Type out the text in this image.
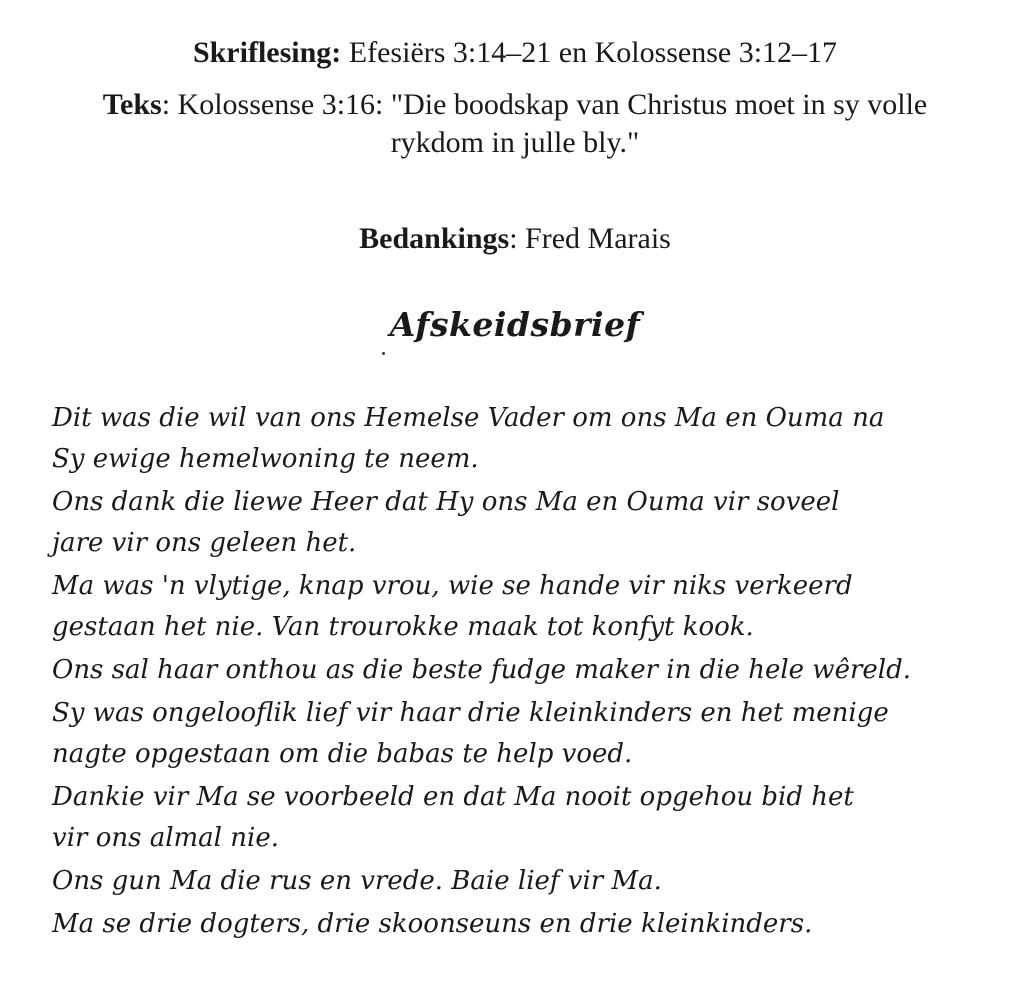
Skriflesing: Efesiërs 3:14–21 en Kolossense 3:12–17
Teks: Kolossense 3:16: "Die boodskap van Christus moet in sy volle
rykdom in julle bly."
Bedankings: Fred Marais
Afskeidsbrief

Dit was die wil van ons Hemelse Vader om ons Ma en Ouma na
Sy ewige hemelwoning te neem.

Ons dank die liewe Heer dat Hy ons Ma en Ouma vir soveel
jare vir ons geleen het.

Ma was 'n vlytige, knap vrou, wie se hande vir niks verkeerd
gestaan het nie. Van trourokke maak tot konfyt kook.

Ons sal haar onthou as die beste fudge maker in die hele wêreld.

Sy was ongelooflik lief vir haar drie kleinkinders en het menige
nagte opgestaan om die babas te help voed.

Dankie vir Ma se voorbeeld en dat Ma nooit opgehou bid het
vir ons almal nie.

Ons gun Ma die rus en vrede. Baie lief vir Ma.

Ma se drie dogters, drie skoonseuns en drie kleinkinders.
